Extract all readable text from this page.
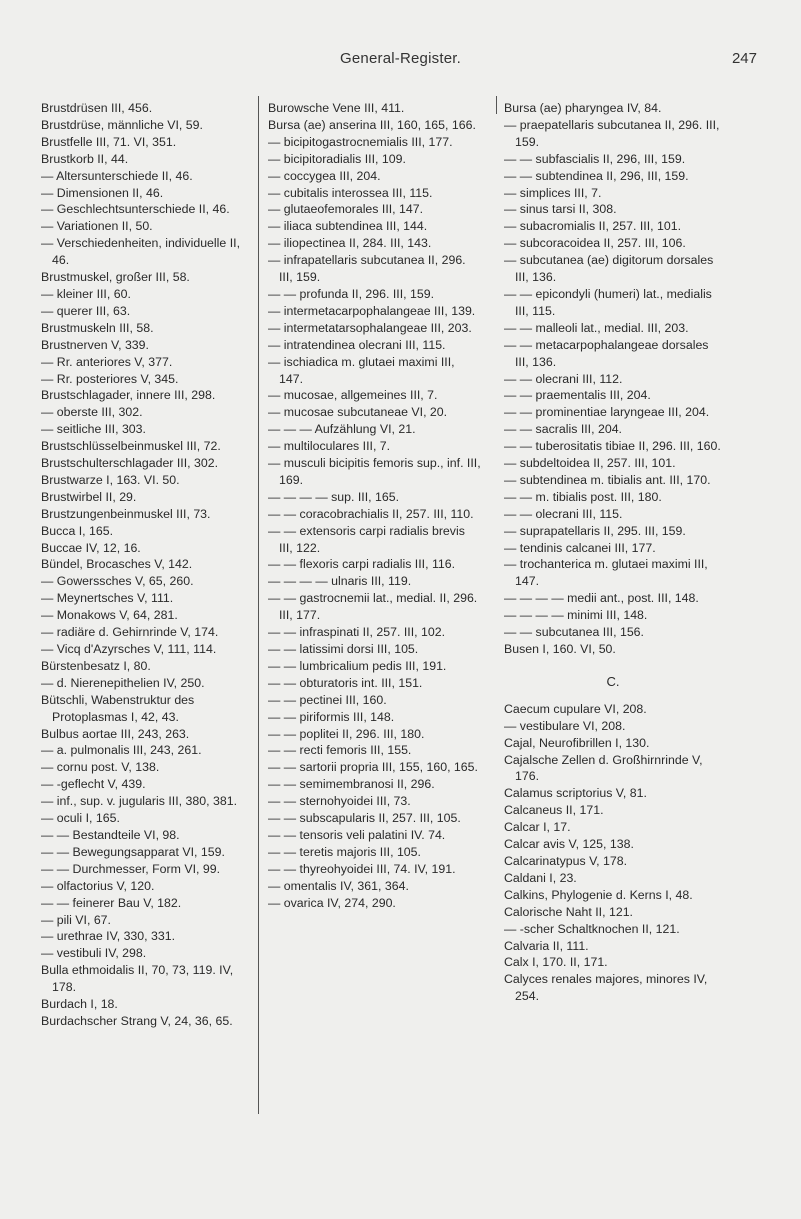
General-Register.	247

Brustdrüsen III, 456.

Brustdrüse, männliche VI, 59.

Brustfelle III, 71. VI, 351.

Brustkorb II, 44.

— Altersunterschiede II, 46.

— Dimensionen II, 46.

— Geschlechtsunterschiede II, 46.

— Variationen II, 50.

— Verschiedenheiten, individuelle II, 46.

Brustmuskel, großer III, 58.

— kleiner III, 60.

— querer III, 63.

Brustmuskeln III, 58.

Brustnerven V, 339.

— Rr. anteriores V, 377.

— Rr. posteriores V, 345.

Brustschlagader, innere III, 298.

— oberste III, 302.

— seitliche III, 303.

Brustschlüsselbeinmuskel III, 72.

Brustschulterschlagader III, 302.

Brustwarze I, 163. VI. 50.

Brustwirbel II, 29.

Brustzungenbeinmuskel III, 73.

Bucca I, 165.

Buccae IV, 12, 16.

Bündel, Brocasches V, 142.

— Gowerssches V, 65, 260.

— Meynertsches V, 111.

— Monakows V, 64, 281.

— radiäre d. Gehirnrinde V, 174.

— Vicq d'Azyrsches V, 111, 114.

Bürstenbesatz I, 80.

— d. Nierenepithelien IV, 250.

Bütschli, Wabenstruktur des Protoplasmas I, 42, 43.

Bulbus aortae III, 243, 263.

— a. pulmonalis III, 243, 261.

— cornu post. V, 138.

— -geflecht V, 439.

— inf., sup. v. jugularis III, 380, 381.

— oculi I, 165.

— — Bestandteile VI, 98.

— — Bewegungsapparat VI, 159.

— — Durchmesser, Form VI, 99.

— olfactorius V, 120.

— — feinerer Bau V, 182.

— pili VI, 67.

— urethrae IV, 330, 331.

— vestibuli IV, 298.

Bulla ethmoidalis II, 70, 73, 119. IV, 178.

Burdach I, 18.

Burdachscher Strang V, 24, 36, 65.

Burowsche Vene III, 411.

Bursa (ae) anserina III, 160, 165, 166.

— bicipitogastrocnemialis III, 177.

— bicipitoradialis III, 109.

— coccygea III, 204.

— cubitalis interossea III, 115.

— glutaeofemorales III, 147.

— iliaca subtendinea III, 144.

— iliopectinea II, 284. III, 143.

— infrapatellaris subcutanea II, 296. III, 159.

— — profunda II, 296. III, 159.

— intermetacarpophalangeae III, 139.

— intermetatarsophalangeae III, 203.

— intratendinea olecrani III, 115.

— ischiadica m. glutaei maximi III, 147.

— mucosae, allgemeines III, 7.

— mucosae subcutaneae VI, 20.

— — — Aufzählung VI, 21.

— multiloculares III, 7.

— musculi bicipitis femoris sup., inf. III, 169.

— — — — sup. III, 165.

— — coracobrachialis II, 257. III, 110.

— — extensoris carpi radialis brevis III, 122.

— — flexoris carpi radialis III, 116.

— — — — ulnaris III, 119.

— — gastrocnemii lat., medial. II, 296. III, 177.

— — infraspinati II, 257. III, 102.

— — latissimi dorsi III, 105.

— — lumbricalium pedis III, 191.

— — obturatoris int. III, 151.

— — pectinei III, 160.

— — piriformis III, 148.

— — poplitei II, 296. III, 180.

— — recti femoris III, 155.

— — sartorii propria III, 155, 160, 165.

— — semimembranosi II, 296.

— — sternohyoidei III, 73.

— — subscapularis II, 257. III, 105.

— — tensoris veli palatini IV. 74.

— — teretis majoris III, 105.

— — thyreohyoidei III, 74. IV, 191.

— omentalis IV, 361, 364.

— ovarica IV, 274, 290.

Bursa (ae) pharyngea IV, 84.

— praepatellaris subcutanea II, 296. III, 159.

— — subfascialis II, 296, III, 159.

— — subtendinea II, 296, III, 159.

— simplices III, 7.

— sinus tarsi II, 308.

— subacromialis II, 257. III, 101.

— subcoracoidea II, 257. III, 106.

— subcutanea (ae) digitorum dorsales III, 136.

— — epicondyli (humeri) lat., medialis III, 115.

— — malleoli lat., medial. III, 203.

— — metacarpophalangeae dorsales III, 136.

— — olecrani III, 112.

— — praementalis III, 204.

— — prominentiae laryngeae III, 204.

— — sacralis III, 204.

— — tuberositatis tibiae II, 296. III, 160.

— subdeltoidea II, 257. III, 101.

— subtendinea m. tibialis ant. III, 170.

— — m. tibialis post. III, 180.

— — olecrani III, 115.

— suprapatellaris II, 295. III, 159.

— tendinis calcanei III, 177.

— trochanterica m. glutaei maximi III, 147.

— — — — medii ant., post. III, 148.

— — — — minimi III, 148.

— — subcutanea III, 156.

Busen I, 160. VI, 50.

C.

Caecum cupulare VI, 208.

— vestibulare VI, 208.

Cajal, Neurofibrillen I, 130.

Cajalsche Zellen d. Großhirnrinde V, 176.

Calamus scriptorius V, 81.

Calcaneus II, 171.

Calcar I, 17.

Calcar avis V, 125, 138.

Calcarinatypus V, 178.

Caldani I, 23.

Calkins, Phylogenie d. Kerns I, 48.

Calorische Naht II, 121.

— -scher Schaltknochen II, 121.

Calvaria II, 111.

Calx I, 170. II, 171.

Calyces renales majores, minores IV, 254.
